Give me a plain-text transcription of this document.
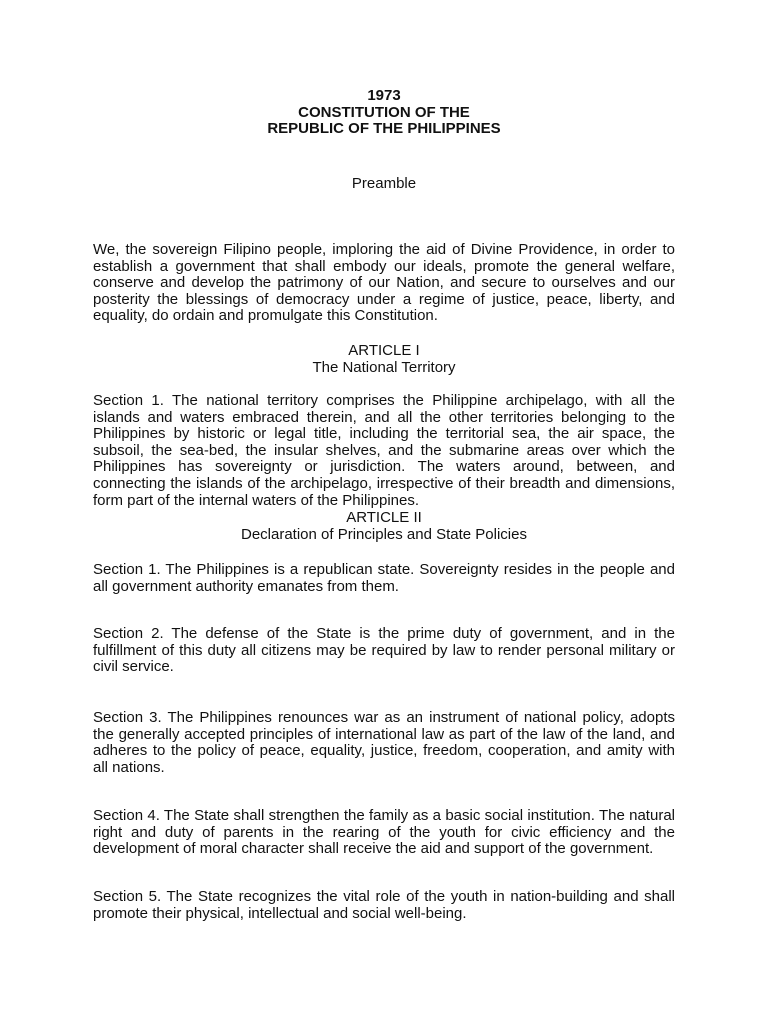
1973
CONSTITUTION OF THE
REPUBLIC OF THE PHILIPPINES
Preamble
We, the sovereign Filipino people, imploring the aid of Divine Providence, in order to establish a government that shall embody our ideals, promote the general welfare, conserve and develop the patrimony of our Nation, and secure to ourselves and our posterity the blessings of democracy under a regime of justice, peace, liberty, and equality, do ordain and promulgate this Constitution.
ARTICLE I
The National Territory
Section 1. The national territory comprises the Philippine archipelago, with all the islands and waters embraced therein, and all the other territories belonging to the Philippines by historic or legal title, including the territorial sea, the air space, the subsoil, the sea-bed, the insular shelves, and the submarine areas over which the Philippines has sovereignty or jurisdiction. The waters around, between, and connecting the islands of the archipelago, irrespective of their breadth and dimensions, form part of the internal waters of the Philippines.
ARTICLE II
Declaration of Principles and State Policies
Section 1. The Philippines is a republican state. Sovereignty resides in the people and all government authority emanates from them.
Section 2. The defense of the State is the prime duty of government, and in the fulfillment of this duty all citizens may be required by law to render personal military or civil service.
Section 3. The Philippines renounces war as an instrument of national policy, adopts the generally accepted principles of international law as part of the law of the land, and adheres to the policy of peace, equality, justice, freedom, cooperation, and amity with all nations.
Section 4. The State shall strengthen the family as a basic social institution. The natural right and duty of parents in the rearing of the youth for civic efficiency and the development of moral character shall receive the aid and support of the government.
Section 5. The State recognizes the vital role of the youth in nation-building and shall promote their physical, intellectual and social well-being.
